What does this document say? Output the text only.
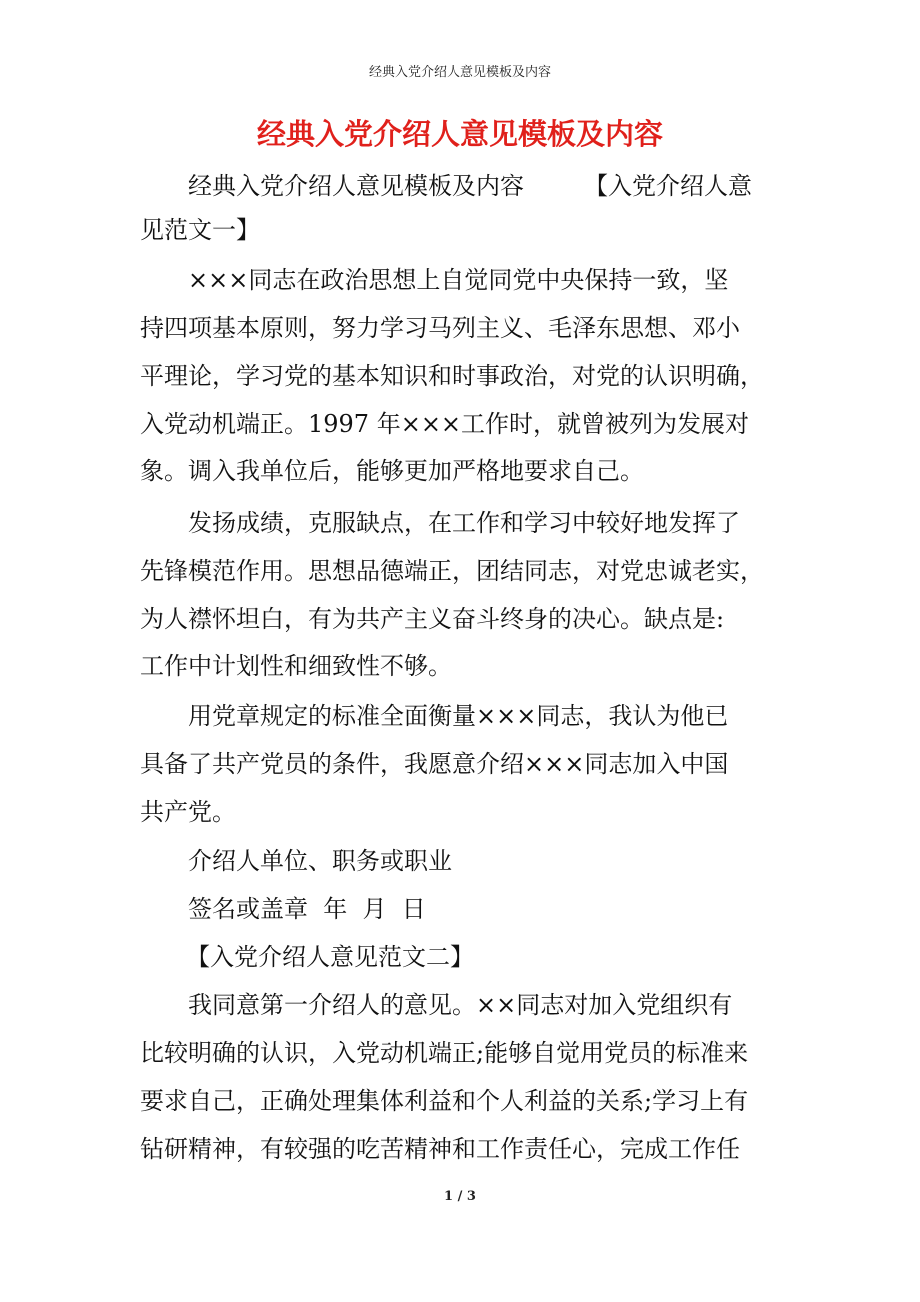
经典入党介绍人意见模板及内容
经典入党介绍人意见模板及内容

经典入党介绍人意见模板及内容　　　【入党介绍人意

见范文一】

×××同志在政治思想上自觉同党中央保持一致，坚

持四项基本原则，努力学习马列主义、毛泽东思想、邓小

平理论，学习党的基本知识和时事政治，对党的认识明确，

入党动机端正。1997 年×××工作时，就曾被列为发展对

象。调入我单位后，能够更加严格地要求自己。

发扬成绩，克服缺点，在工作和学习中较好地发挥了

先锋模范作用。思想品德端正，团结同志，对党忠诚老实，

为人襟怀坦白，有为共产主义奋斗终身的决心。缺点是:

工作中计划性和细致性不够。

用党章规定的标准全面衡量×××同志，我认为他已

具备了共产党员的条件，我愿意介绍×××同志加入中国

共产党。

介绍人单位、职务或职业

签名或盖章  年  月  日

【入党介绍人意见范文二】

我同意第一介绍人的意见。××同志对加入党组织有

比较明确的认识，入党动机端正;能够自觉用党员的标准来

要求自己，正确处理集体利益和个人利益的关系;学习上有

钻研精神，有较强的吃苦精神和工作责任心，完成工作任

1 / 3
